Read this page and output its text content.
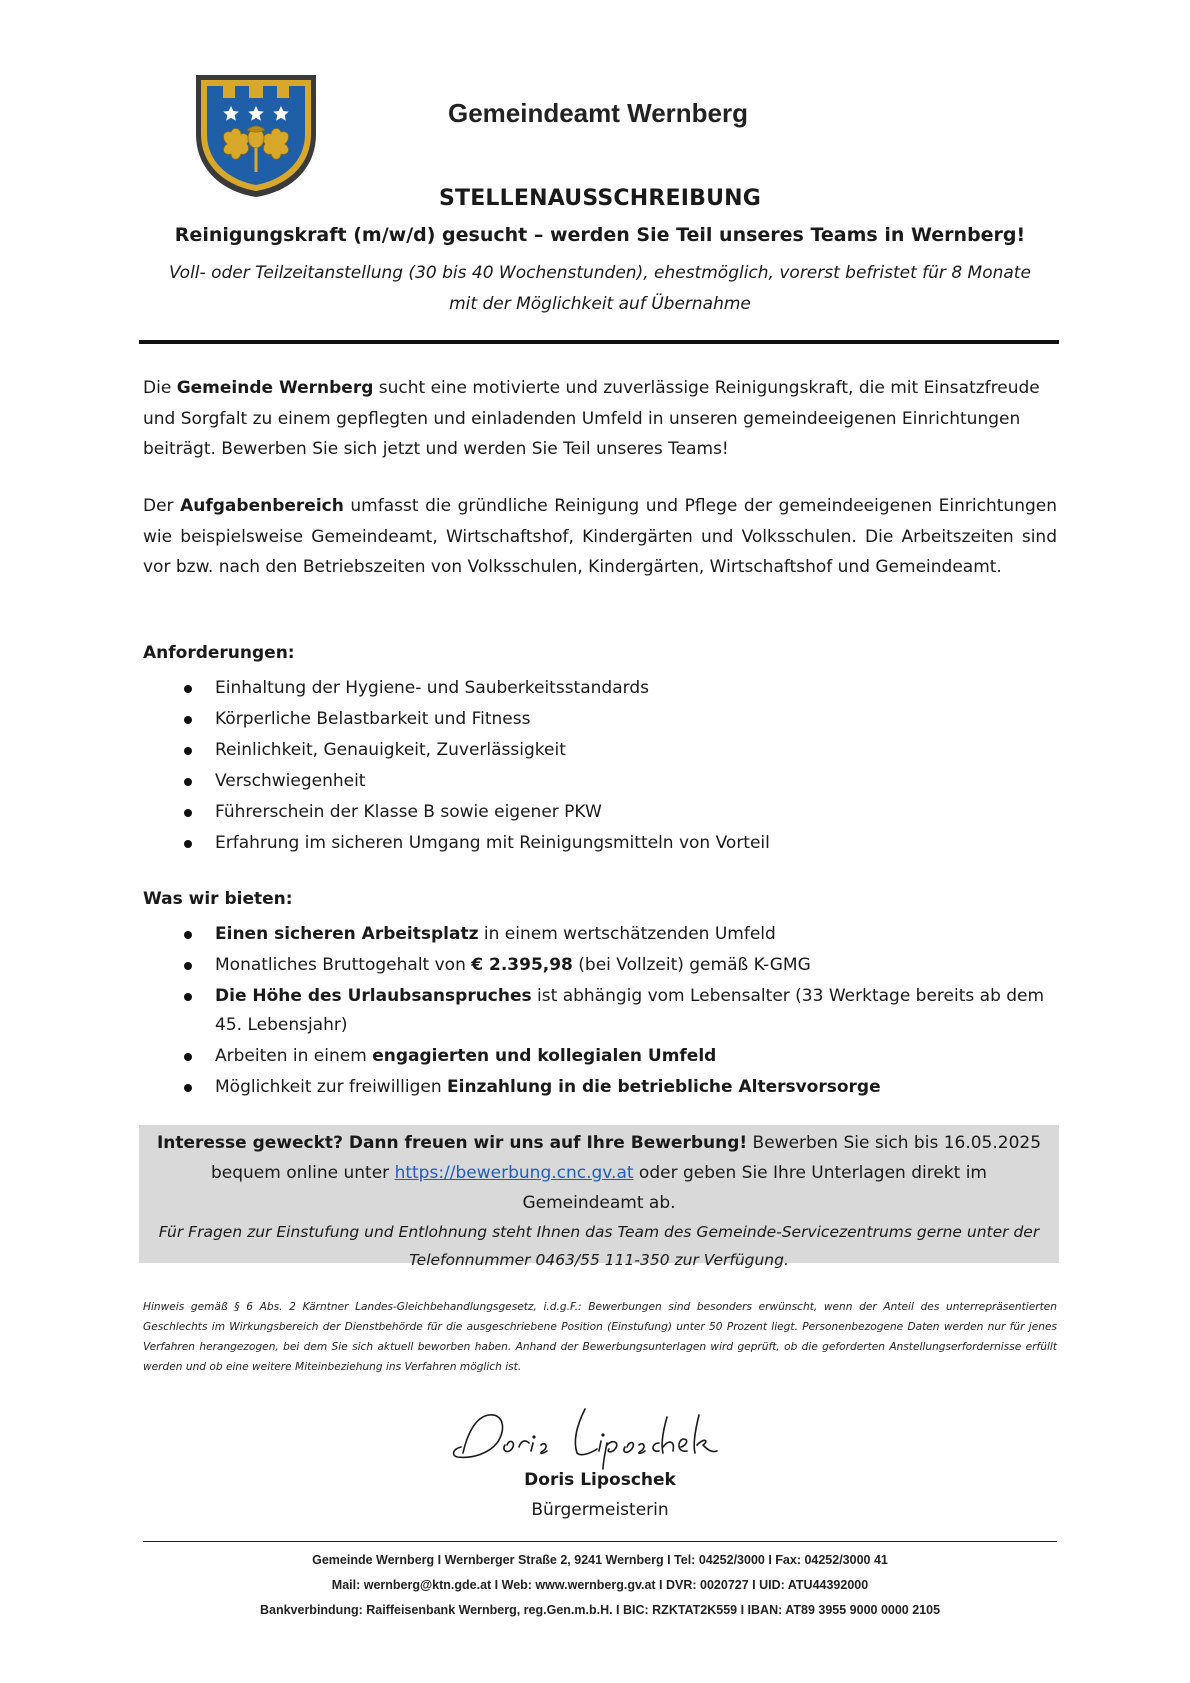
Gemeindeamt Wernberg
STELLENAUSSCHREIBUNG
Reinigungskraft (m/w/d) gesucht – werden Sie Teil unseres Teams in Wernberg!
Voll- oder Teilzeitanstellung (30 bis 40 Wochenstunden), ehestmöglich, vorerst befristet für 8 Monate
mit der Möglichkeit auf Übernahme
Die Gemeinde Wernberg sucht eine motivierte und zuverlässige Reinigungskraft, die mit Einsatzfreude und Sorgfalt zu einem gepflegten und einladenden Umfeld in unseren gemeindeeigenen Einrichtungen beiträgt. Bewerben Sie sich jetzt und werden Sie Teil unseres Teams!
Der Aufgabenbereich umfasst die gründliche Reinigung und Pflege der gemeindeeigenen Einrichtungen wie beispielsweise Gemeindeamt, Wirtschaftshof, Kindergärten und Volksschulen. Die Arbeitszeiten sind vor bzw. nach den Betriebszeiten von Volksschulen, Kindergärten, Wirtschaftshof und Gemeindeamt.
Anforderungen:
Einhaltung der Hygiene- und Sauberkeitsstandards
Körperliche Belastbarkeit und Fitness
Reinlichkeit, Genauigkeit, Zuverlässigkeit
Verschwiegenheit
Führerschein der Klasse B sowie eigener PKW
Erfahrung im sicheren Umgang mit Reinigungsmitteln von Vorteil
Was wir bieten:
Einen sicheren Arbeitsplatz in einem wertschätzenden Umfeld
Monatliches Bruttogehalt von € 2.395,98 (bei Vollzeit) gemäß K-GMG
Die Höhe des Urlaubsanspruches ist abhängig vom Lebensalter (33 Werktage bereits ab dem 45. Lebensjahr)
Arbeiten in einem engagierten und kollegialen Umfeld
Möglichkeit zur freiwilligen Einzahlung in die betriebliche Altersvorsorge
Interesse geweckt? Dann freuen wir uns auf Ihre Bewerbung! Bewerben Sie sich bis 16.05.2025 bequem online unter https://bewerbung.cnc.gv.at oder geben Sie Ihre Unterlagen direkt im Gemeindeamt ab.
Für Fragen zur Einstufung und Entlohnung steht Ihnen das Team des Gemeinde-Servicezentrums gerne unter der Telefonnummer 0463/55 111-350 zur Verfügung.
Hinweis gemäß § 6 Abs. 2 Kärntner Landes-Gleichbehandlungsgesetz, i.d.g.F.: Bewerbungen sind besonders erwünscht, wenn der Anteil des unterrepräsentierten Geschlechts im Wirkungsbereich der Dienstbehörde für die ausgeschriebene Position (Einstufung) unter 50 Prozent liegt. Personenbezogene Daten werden nur für jenes Verfahren herangezogen, bei dem Sie sich aktuell beworben haben. Anhand der Bewerbungsunterlagen wird geprüft, ob die geforderten Anstellungserfordernisse erfüllt werden und ob eine weitere Miteinbeziehung ins Verfahren möglich ist.
Doris Liposchek
Bürgermeisterin
Gemeinde Wernberg I Wernberger Straße 2, 9241 Wernberg I Tel: 04252/3000 I Fax: 04252/3000 41
Mail: wernberg@ktn.gde.at I Web: www.wernberg.gv.at I DVR: 0020727 I UID: ATU44392000
Bankverbindung: Raiffeisenbank Wernberg, reg.Gen.m.b.H. I BIC: RZKTAT2K559 I IBAN: AT89 3955 9000 0000 2105
